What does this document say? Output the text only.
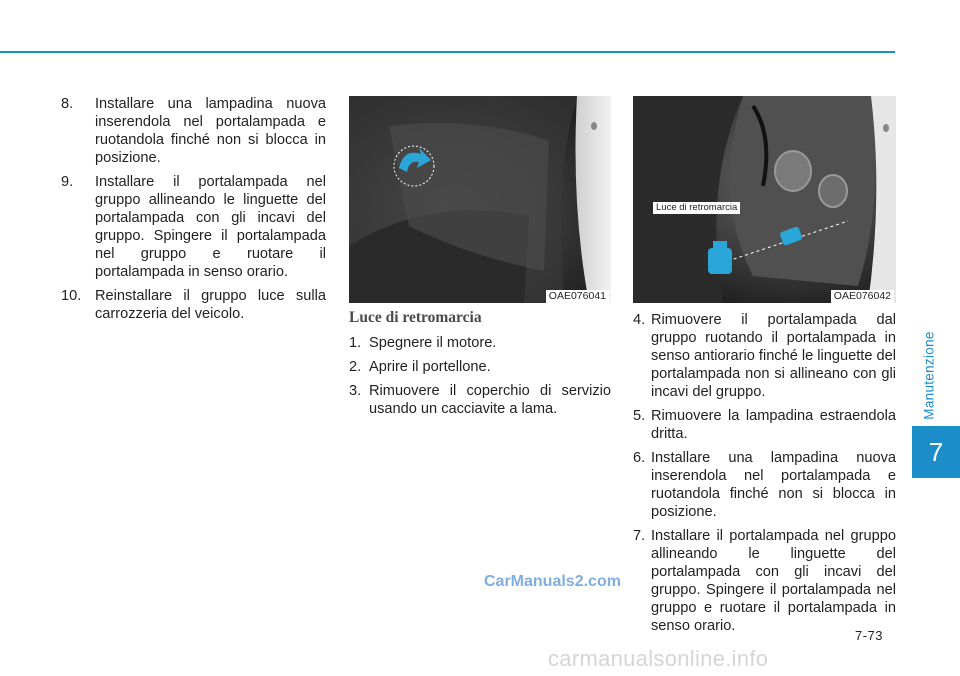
8.	Installare una lampadina nuova inserendola nel portalampada e ruotandola finché non si blocca in posizione.
9.	Installare il portalampada nel gruppo allineando le linguette del portalampada con gli incavi del gruppo. Spingere il portalampada nel gruppo e ruotare il portalampada in senso orario.
10. Reinstallare il gruppo luce sulla carrozzeria del veicolo.
OAE076041
Luce di retromarcia
OAE076042
Luce di retromarcia
1. Spegnere il motore.
2. Aprire il portellone.
3. Rimuovere il coperchio di servizio usando un cacciavite a lama.
4. Rimuovere il portalampada dal gruppo ruotando il portalampada in senso antiorario finché le linguette del portalampada non si allineano con gli incavi del gruppo.
5. Rimuovere la lampadina estraendola dritta.
6. Installare una lampadina nuova inserendola nel portalampada e ruotandola finché non si blocca in posizione.
7. Installare il portalampada nel gruppo allineando le linguette del portalampada con gli incavi del gruppo. Spingere il portalampada nel gruppo e ruotare il portalampada in senso orario.
Manutenzione
7
7-73
CarManuals2.com
carmanualsonline.info
